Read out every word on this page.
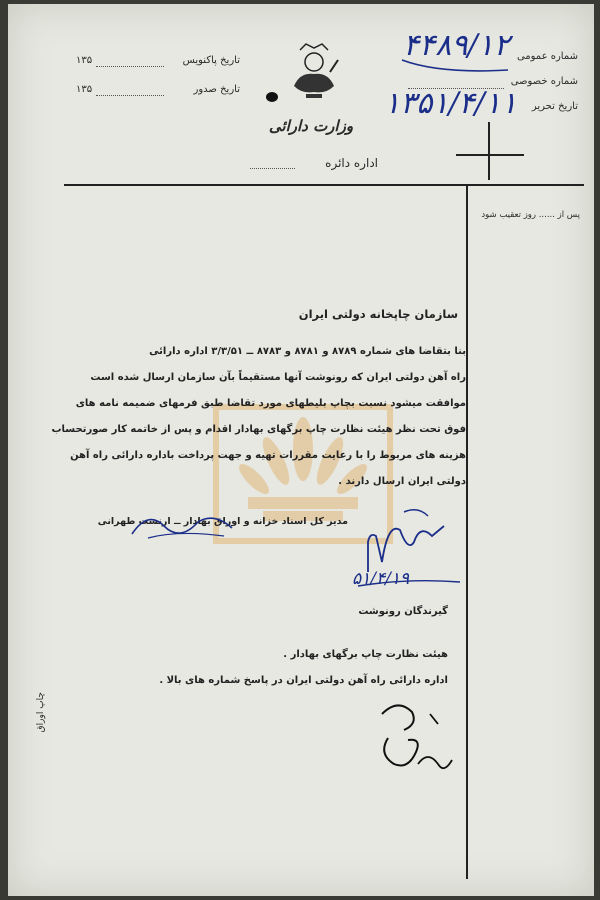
وزارت دارائی
اداره دائره
تاریخ پاکنویس
۱۳۵
تاریخ صدور
۱۳۵
شماره عمومی
۴۴۸۹/۱۲
شماره خصوصی
تاریخ تحریر
۱۳۵۱/۴/۱۱
پس از ...... روز تعقیب شود
چاپ اوراق
سازمان چاپخانه دولتی ایران
بنا بتقاضا های شماره ۸۷۸۹ و ۸۷۸۱ و ۸۷۸۳ ــ ۳/۳/۵۱ اداره دارائی
راه آهن دولتی ایران که رونوشت آنها مستقیماً بآن سازمان ارسال شده است
موافقت میشود نسبت بچاپ بلیطهای مورد تقاضا طبق فرمهای ضمیمه نامه های
فوق تحت نظر هیئت نظارت چاپ برگهای بهادار اقدام و پس از خاتمه کار صورتحساب
هزینه های مربوط را با رعایت مقررات تهیه و جهت پرداخت باداره دارائی راه آهن
دولتی ایران ارسال دارند .
مدیر کل اسناد خزانه و اوراق بهادار ــ ارنست طهرانی
۵۱/۴/۱۹
گیرندگان رونوشت
هیئت نظارت چاپ برگهای بهادار .
اداره دارائی راه آهن دولتی ایران در پاسخ شماره های بالا .
